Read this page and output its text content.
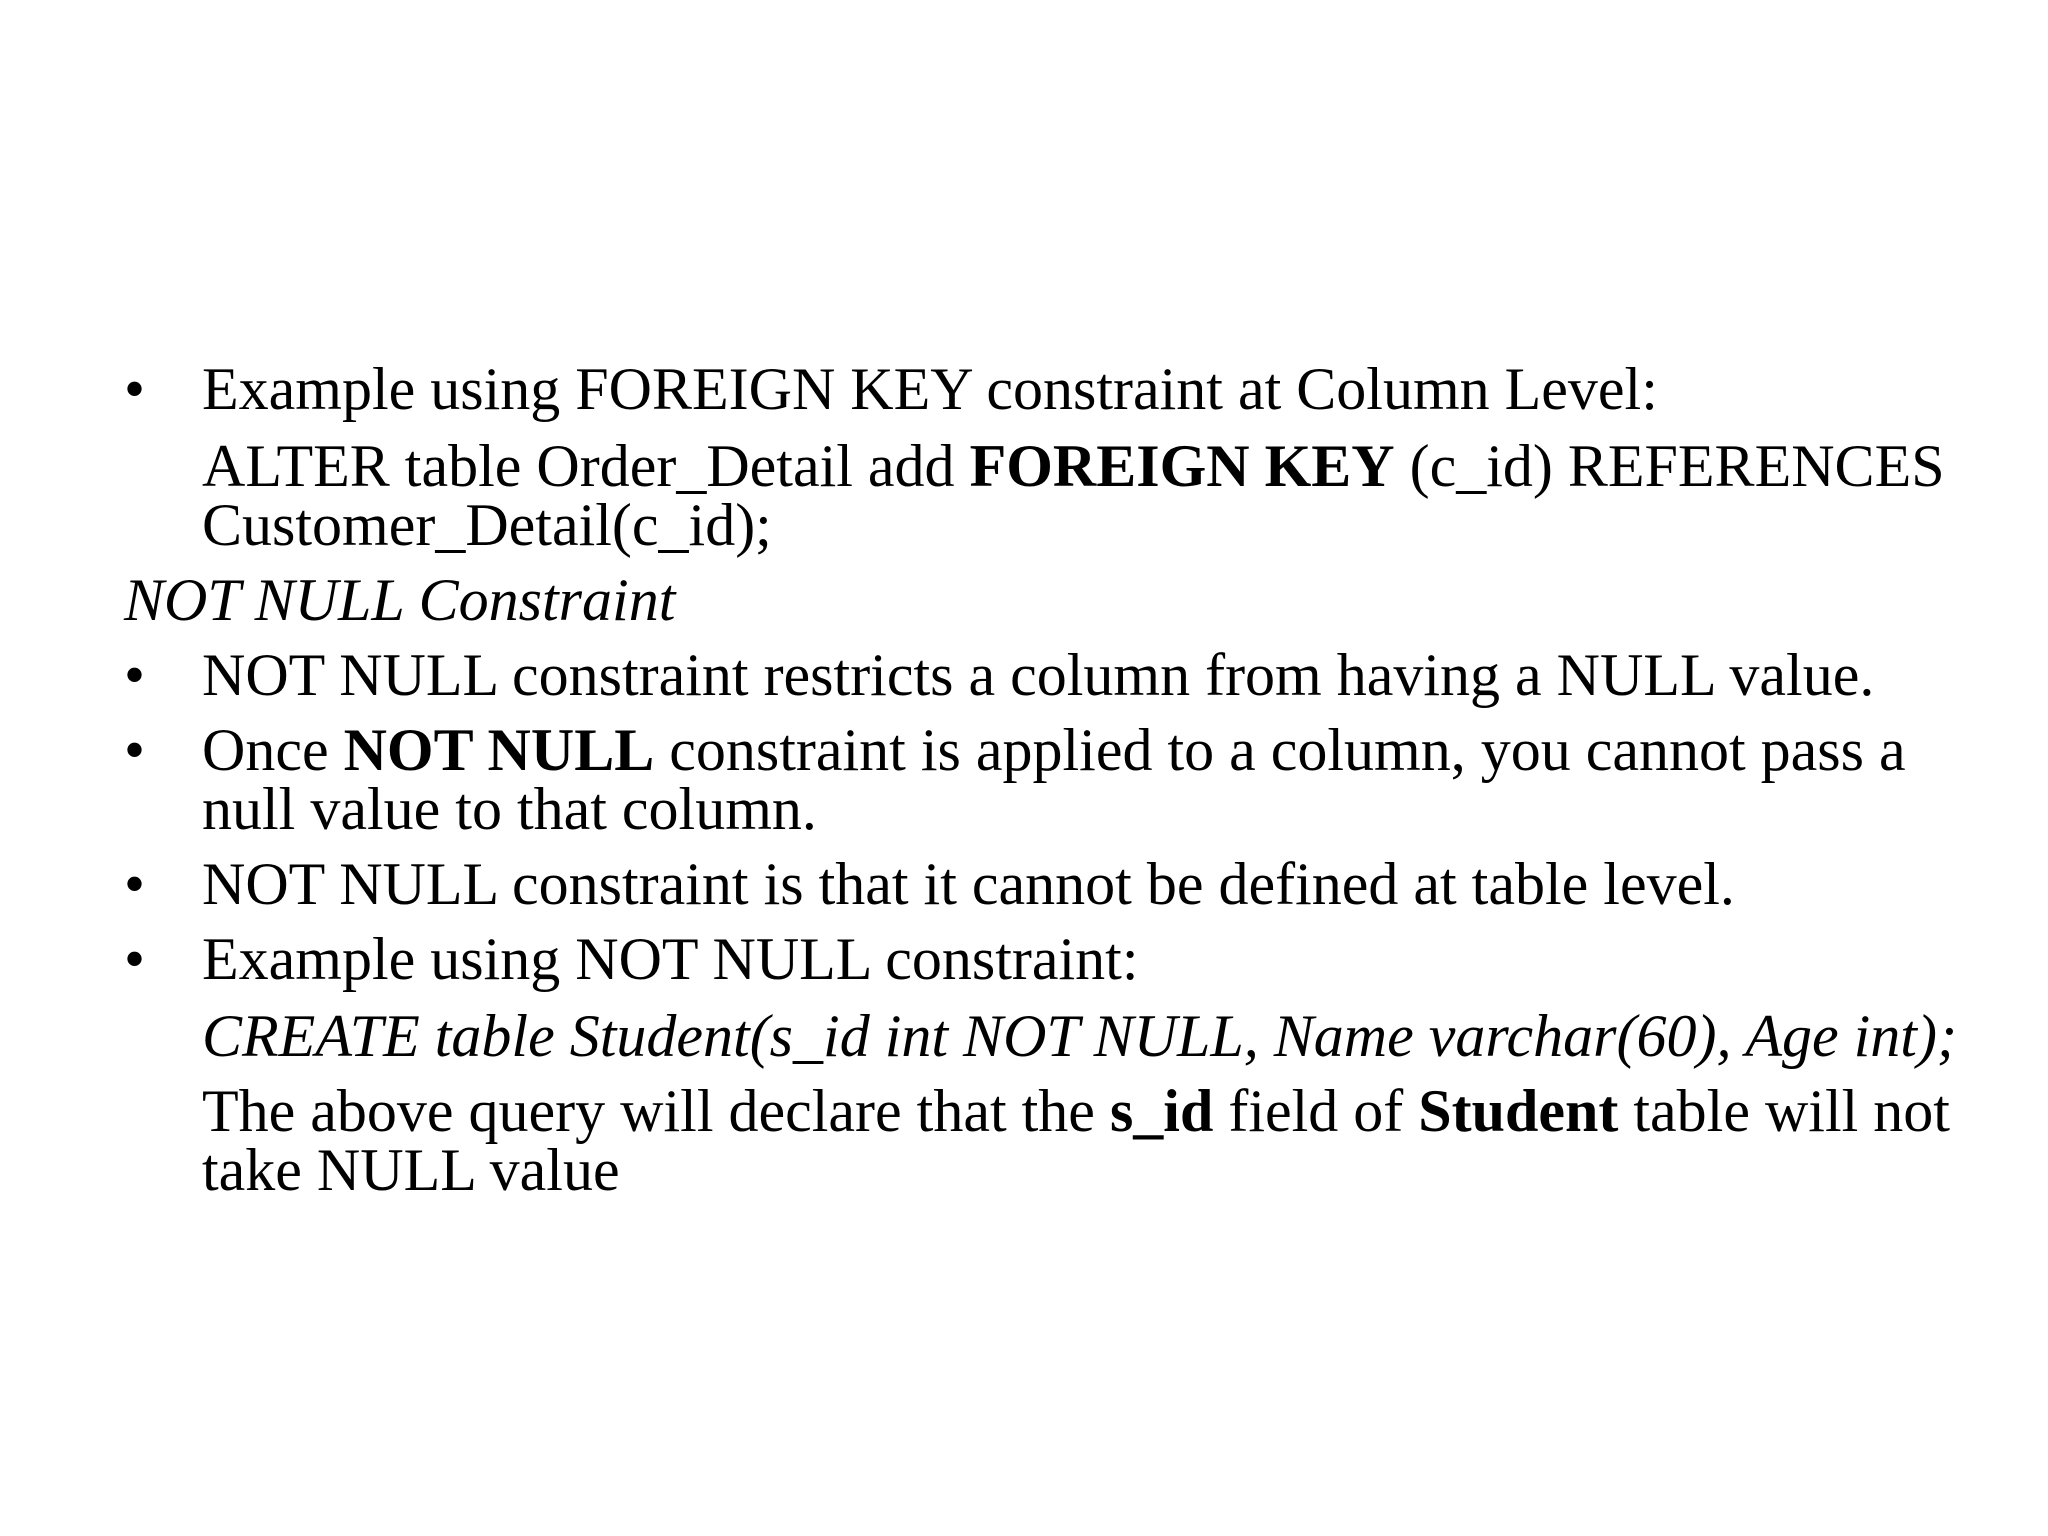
• Example using FOREIGN KEY constraint at Column Level:
ALTER table Order_Detail add FOREIGN KEY (c_id) REFERENCES Customer_Detail(c_id);
NOT NULL Constraint
• NOT NULL constraint restricts a column from having a NULL value.
• Once NOT NULL constraint is applied to a column, you cannot pass a null value to that column.
• NOT NULL constraint is that it cannot be defined at table level.
• Example using NOT NULL constraint:
CREATE table Student(s_id int NOT NULL, Name varchar(60), Age int);
The above query will declare that the s_id field of Student table will not take NULL value
